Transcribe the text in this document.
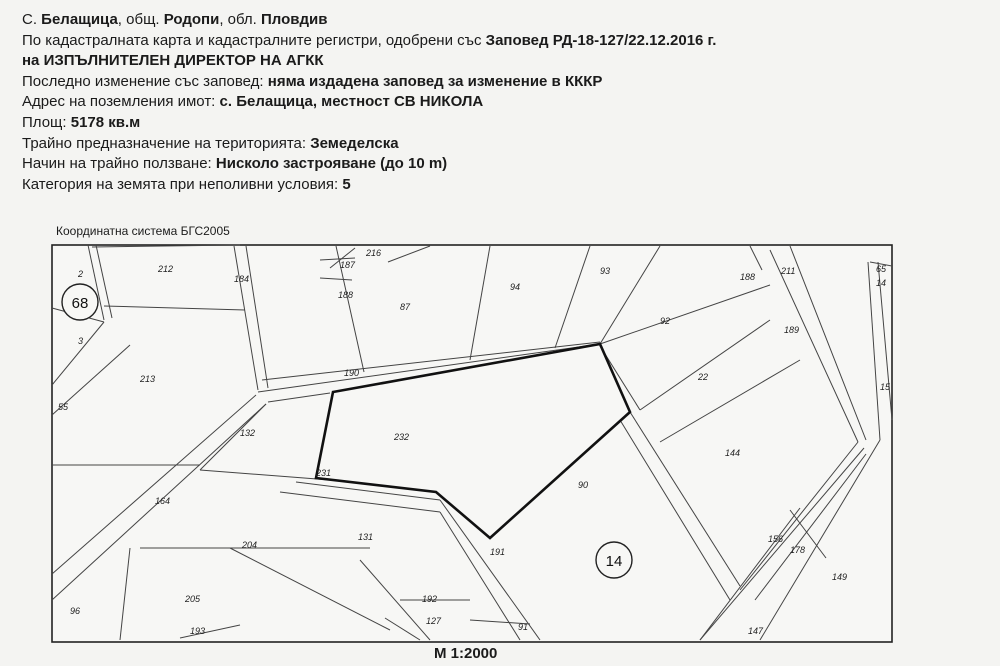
С. Белащица, общ. Родопи, обл. Пловдив
По кадастралната карта и кадастралните регистри, одобрени със Заповед РД-18-127/22.12.2016 г.
на ИЗПЪЛНИТЕЛЕН ДИРЕКТОР НА АГКК
Последно изменение със заповед: няма издадена заповед за изменение в КККР
Адрес на поземления имот: с. Белащица, местност СВ НИКОЛА
Площ: 5178 кв.м
Трайно предназначение на територията: Земеделска
Начин на трайно ползване: Нисколо застрояване (до 10 m)
Категория на земята при неполивни условия: 5
Координатна система БГС2005
68
14
2	212
184
187
216
188
87
94
93
188
211	65
14
3
213
55
190
92
189
22
15
132	232
144
231
90
164
131
204
191
156
178
149
205	192
127
193
96
91	147
М 1:2000
